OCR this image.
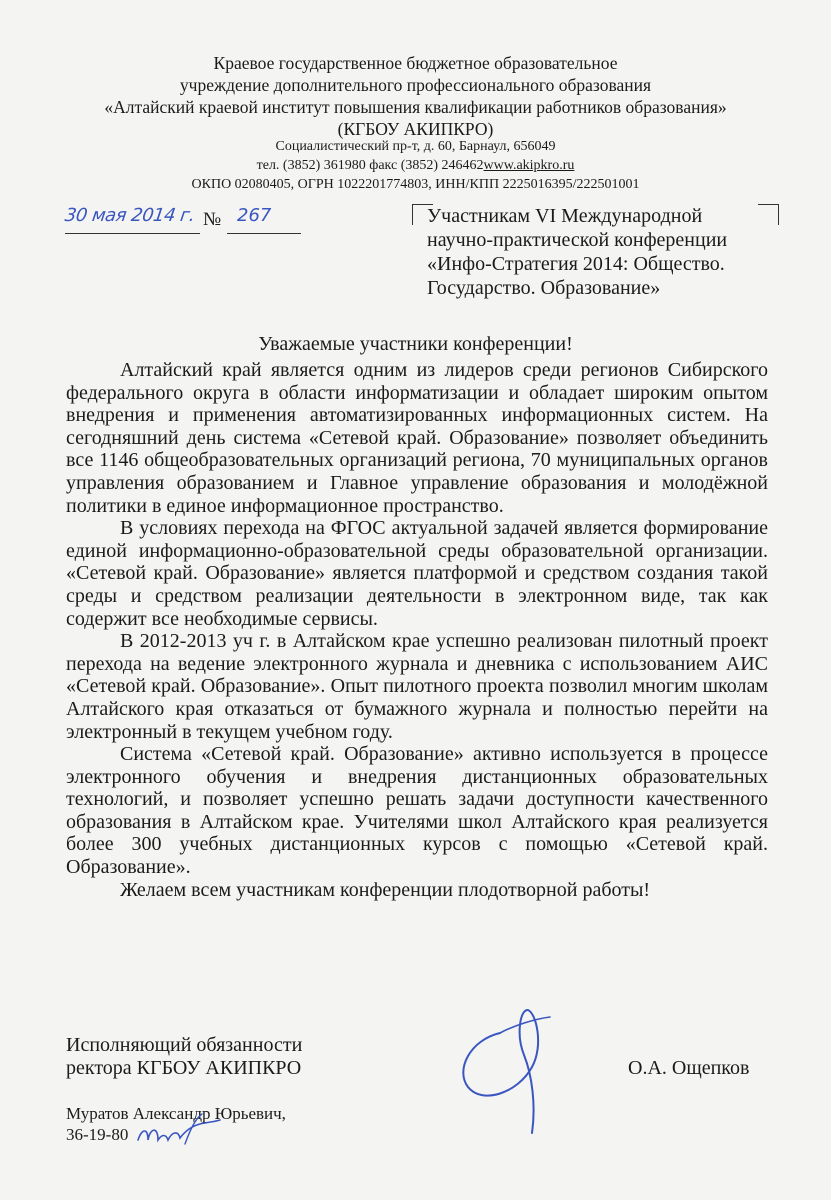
Краевое государственное бюджетное образовательное
учреждение дополнительного профессионального образования
«Алтайский краевой институт повышения квалификации работников образования»
(КГБОУ АКИПКРО)
Социалистический пр-т, д. 60, Барнаул, 656049
тел. (3852) 361980 факс (3852) 246462www.akipkro.ru
ОКПО 02080405, ОГРН 1022201774803, ИНН/КПП 2225016395/222501001
30 мая 2014 г. № 267	Участникам VI Международной
научно-практической конференции
«Инфо-Стратегия 2014: Общество.
Государство. Образование»
Уважаемые участники конференции!

Алтайский край является одним из лидеров среди регионов Сибирского федерального округа в области информатизации и обладает широким опытом внедрения и применения автоматизированных информационных систем. На сегодняшний день система «Сетевой край. Образование» позволяет объединить все 1146 общеобразовательных организаций региона, 70 муниципальных органов управления образованием и Главное управление образования и молодёжной политики в единое информационное пространство.

В условиях перехода на ФГОС актуальной задачей является формирование единой информационно-образовательной среды образовательной организации. «Сетевой край. Образование» является платформой и средством создания такой среды и средством реализации деятельности в электронном виде, так как содержит все необходимые сервисы.

В 2012-2013 уч г. в Алтайском крае успешно реализован пилотный проект перехода на ведение электронного журнала и дневника с использованием АИС «Сетевой край. Образование». Опыт пилотного проекта позволил многим школам Алтайского края отказаться от бумажного журнала и полностью перейти на электронный в текущем учебном году.

Система «Сетевой край. Образование» активно используется в процессе электронного обучения и внедрения дистанционных образовательных технологий, и позволяет успешно решать задачи доступности качественного образования в Алтайском крае. Учителями школ Алтайского края реализуется более 300 учебных дистанционных курсов с помощью «Сетевой край. Образование».

Желаем всем участникам конференции плодотворной работы!

Исполняющий обязанности
ректора КГБОУ АКИПКРО	О.А. Ощепков
Муратов Александр Юрьевич,
36-19-80
